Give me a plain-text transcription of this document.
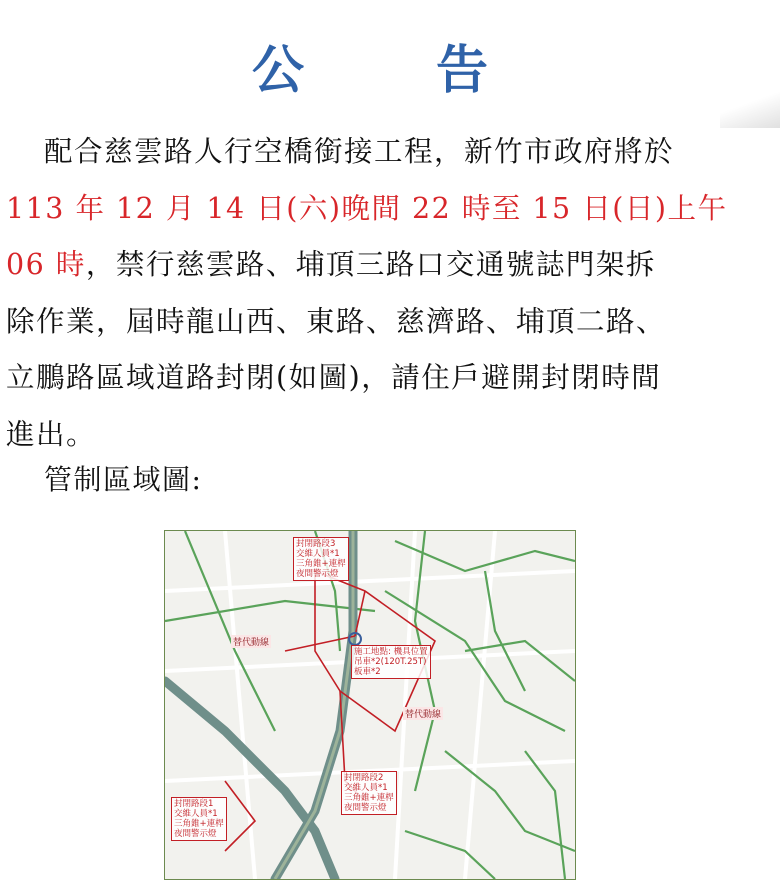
公　告
配合慈雲路人行空橋銜接工程，新竹市政府將於
113 年 12 月 14 日(六)晚間 22 時至 15 日(日)上午
06 時，禁行慈雲路、埔頂三路口交通號誌門架拆
除作業，屆時龍山西、東路、慈濟路、埔頂二路、
立鵬路區域道路封閉(如圖)，請住戶避開封閉時間
進出。
管制區域圖:
封閉路段3
交維人員*1
三角錐+連桿
夜間警示燈
施工地點: 機具位置
吊車*2(120T.25T)
板車*2
替代動線
替代動線
封閉路段2
交維人員*1
三角錐+連桿
夜間警示燈
封閉路段1
交維人員*1
三角錐+連桿
夜間警示燈
